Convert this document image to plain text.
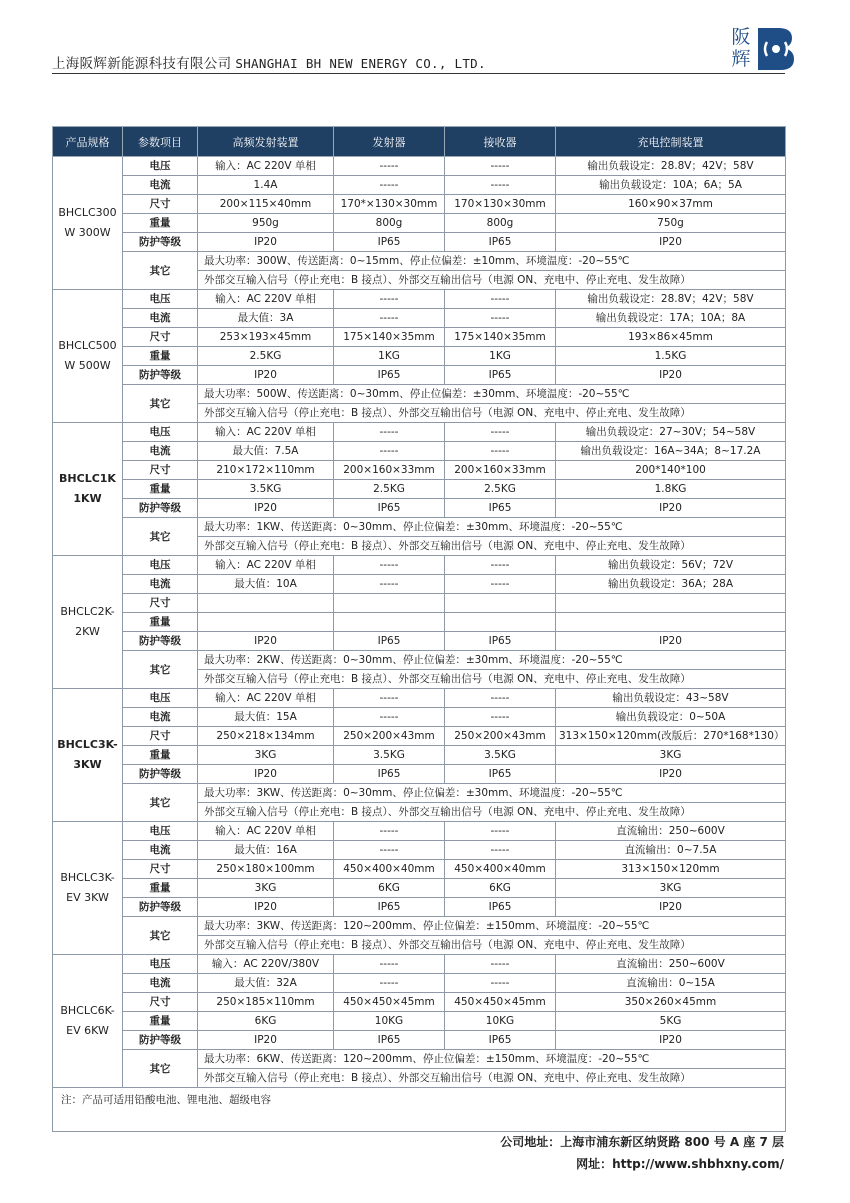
上海阪辉新能源科技有限公司 SHANGHAI BH NEW ENERGY CO., LTD.
阪
辉
产品规格	参数项目	高频发射装置	发射器	接收器	充电控制装置
BHCLC300 W 300W	电压	输入：AC 220V 单相	-----	-----	输出负载设定：28.8V；42V；58V
	电流	1.4A	-----	-----	输出负载设定：10A；6A；5A
	尺寸	200×115×40mm	170*×130×30mm	170×130×30mm	160×90×37mm
	重量	950g	800g	800g	750g
	防护等级	IP20	IP65	IP65	IP20
	其它	最大功率：300W、传送距离：0~15mm、停止位偏差：±10mm、环境温度：-20~55℃			
		外部交互输入信号（停止充电：B 接点）、外部交互输出信号（电源 ON、充电中、停止充电、发生故障）			
BHCLC500 W 500W	电压	输入：AC 220V 单相	-----	-----	输出负载设定：28.8V；42V；58V
	电流	最大值：3A	-----	-----	输出负载设定：17A；10A；8A
	尺寸	253×193×45mm	175×140×35mm	175×140×35mm	193×86×45mm
	重量	2.5KG	1KG	1KG	1.5KG
	防护等级	IP20	IP65	IP65	IP20
	其它	最大功率：500W、传送距离：0~30mm、停止位偏差：±30mm、环境温度：-20~55℃			
		外部交互输入信号（停止充电：B 接点）、外部交互输出信号（电源 ON、充电中、停止充电、发生故障）			
BHCLC1K 1KW	电压	输入：AC 220V 单相	-----	-----	输出负载设定：27~30V；54~58V
	电流	最大值：7.5A	-----	-----	输出负载设定：16A~34A；8~17.2A
	尺寸	210×172×110mm	200×160×33mm	200×160×33mm	200*140*100
	重量	3.5KG	2.5KG	2.5KG	1.8KG
	防护等级	IP20	IP65	IP65	IP20
	其它	最大功率：1KW、传送距离：0~30mm、停止位偏差：±30mm、环境温度：-20~55℃			
		外部交互输入信号（停止充电：B 接点）、外部交互输出信号（电源 ON、充电中、停止充电、发生故障）			
BHCLC2K- 2KW	电压	输入：AC 220V 单相	-----	-----	输出负载设定：56V；72V
	电流	最大值：10A	-----	-----	输出负载设定：36A；28A
	尺寸				
	重量				
	防护等级	IP20	IP65	IP65	IP20
	其它	最大功率：2KW、传送距离：0~30mm、停止位偏差：±30mm、环境温度：-20~55℃			
		外部交互输入信号（停止充电：B 接点）、外部交互输出信号（电源 ON、充电中、停止充电、发生故障）			
BHCLC3K- 3KW	电压	输入：AC 220V 单相	-----	-----	输出负载设定：43~58V
	电流	最大值：15A	-----	-----	输出负载设定：0~50A
	尺寸	250×218×134mm	250×200×43mm	250×200×43mm	313×150×120mm(改版后：270*168*130）
	重量	3KG	3.5KG	3.5KG	3KG
	防护等级	IP20	IP65	IP65	IP20
	其它	最大功率：3KW、传送距离：0~30mm、停止位偏差：±30mm、环境温度：-20~55℃			
		外部交互输入信号（停止充电：B 接点）、外部交互输出信号（电源 ON、充电中、停止充电、发生故障）			
BHCLC3K- EV 3KW	电压	输入：AC 220V 单相	-----	-----	直流输出：250~600V
	电流	最大值：16A	-----	-----	直流输出：0~7.5A
	尺寸	250×180×100mm	450×400×40mm	450×400×40mm	313×150×120mm
	重量	3KG	6KG	6KG	3KG
	防护等级	IP20	IP65	IP65	IP20
	其它	最大功率：3KW、传送距离：120~200mm、停止位偏差：±150mm、环境温度：-20~55℃			
		外部交互输入信号（停止充电：B 接点）、外部交互输出信号（电源 ON、充电中、停止充电、发生故障）			
BHCLC6K- EV 6KW	电压	输入：AC 220V/380V	-----	-----	直流输出：250~600V
	电流	最大值：32A	-----	-----	直流输出：0~15A
	尺寸	250×185×110mm	450×450×45mm	450×450×45mm	350×260×45mm
	重量	6KG	10KG	10KG	5KG
	防护等级	IP20	IP65	IP65	IP20
	其它	最大功率：6KW、传送距离：120~200mm、停止位偏差：±150mm、环境温度：-20~55℃			
		外部交互输入信号（停止充电：B 接点）、外部交互输出信号（电源 ON、充电中、停止充电、发生故障）			
注：产品可适用铅酸电池、锂电池、超级电容					
公司地址：上海市浦东新区纳贤路 800 号 A 座 7 层
网址：http://www.shbhxny.com/
